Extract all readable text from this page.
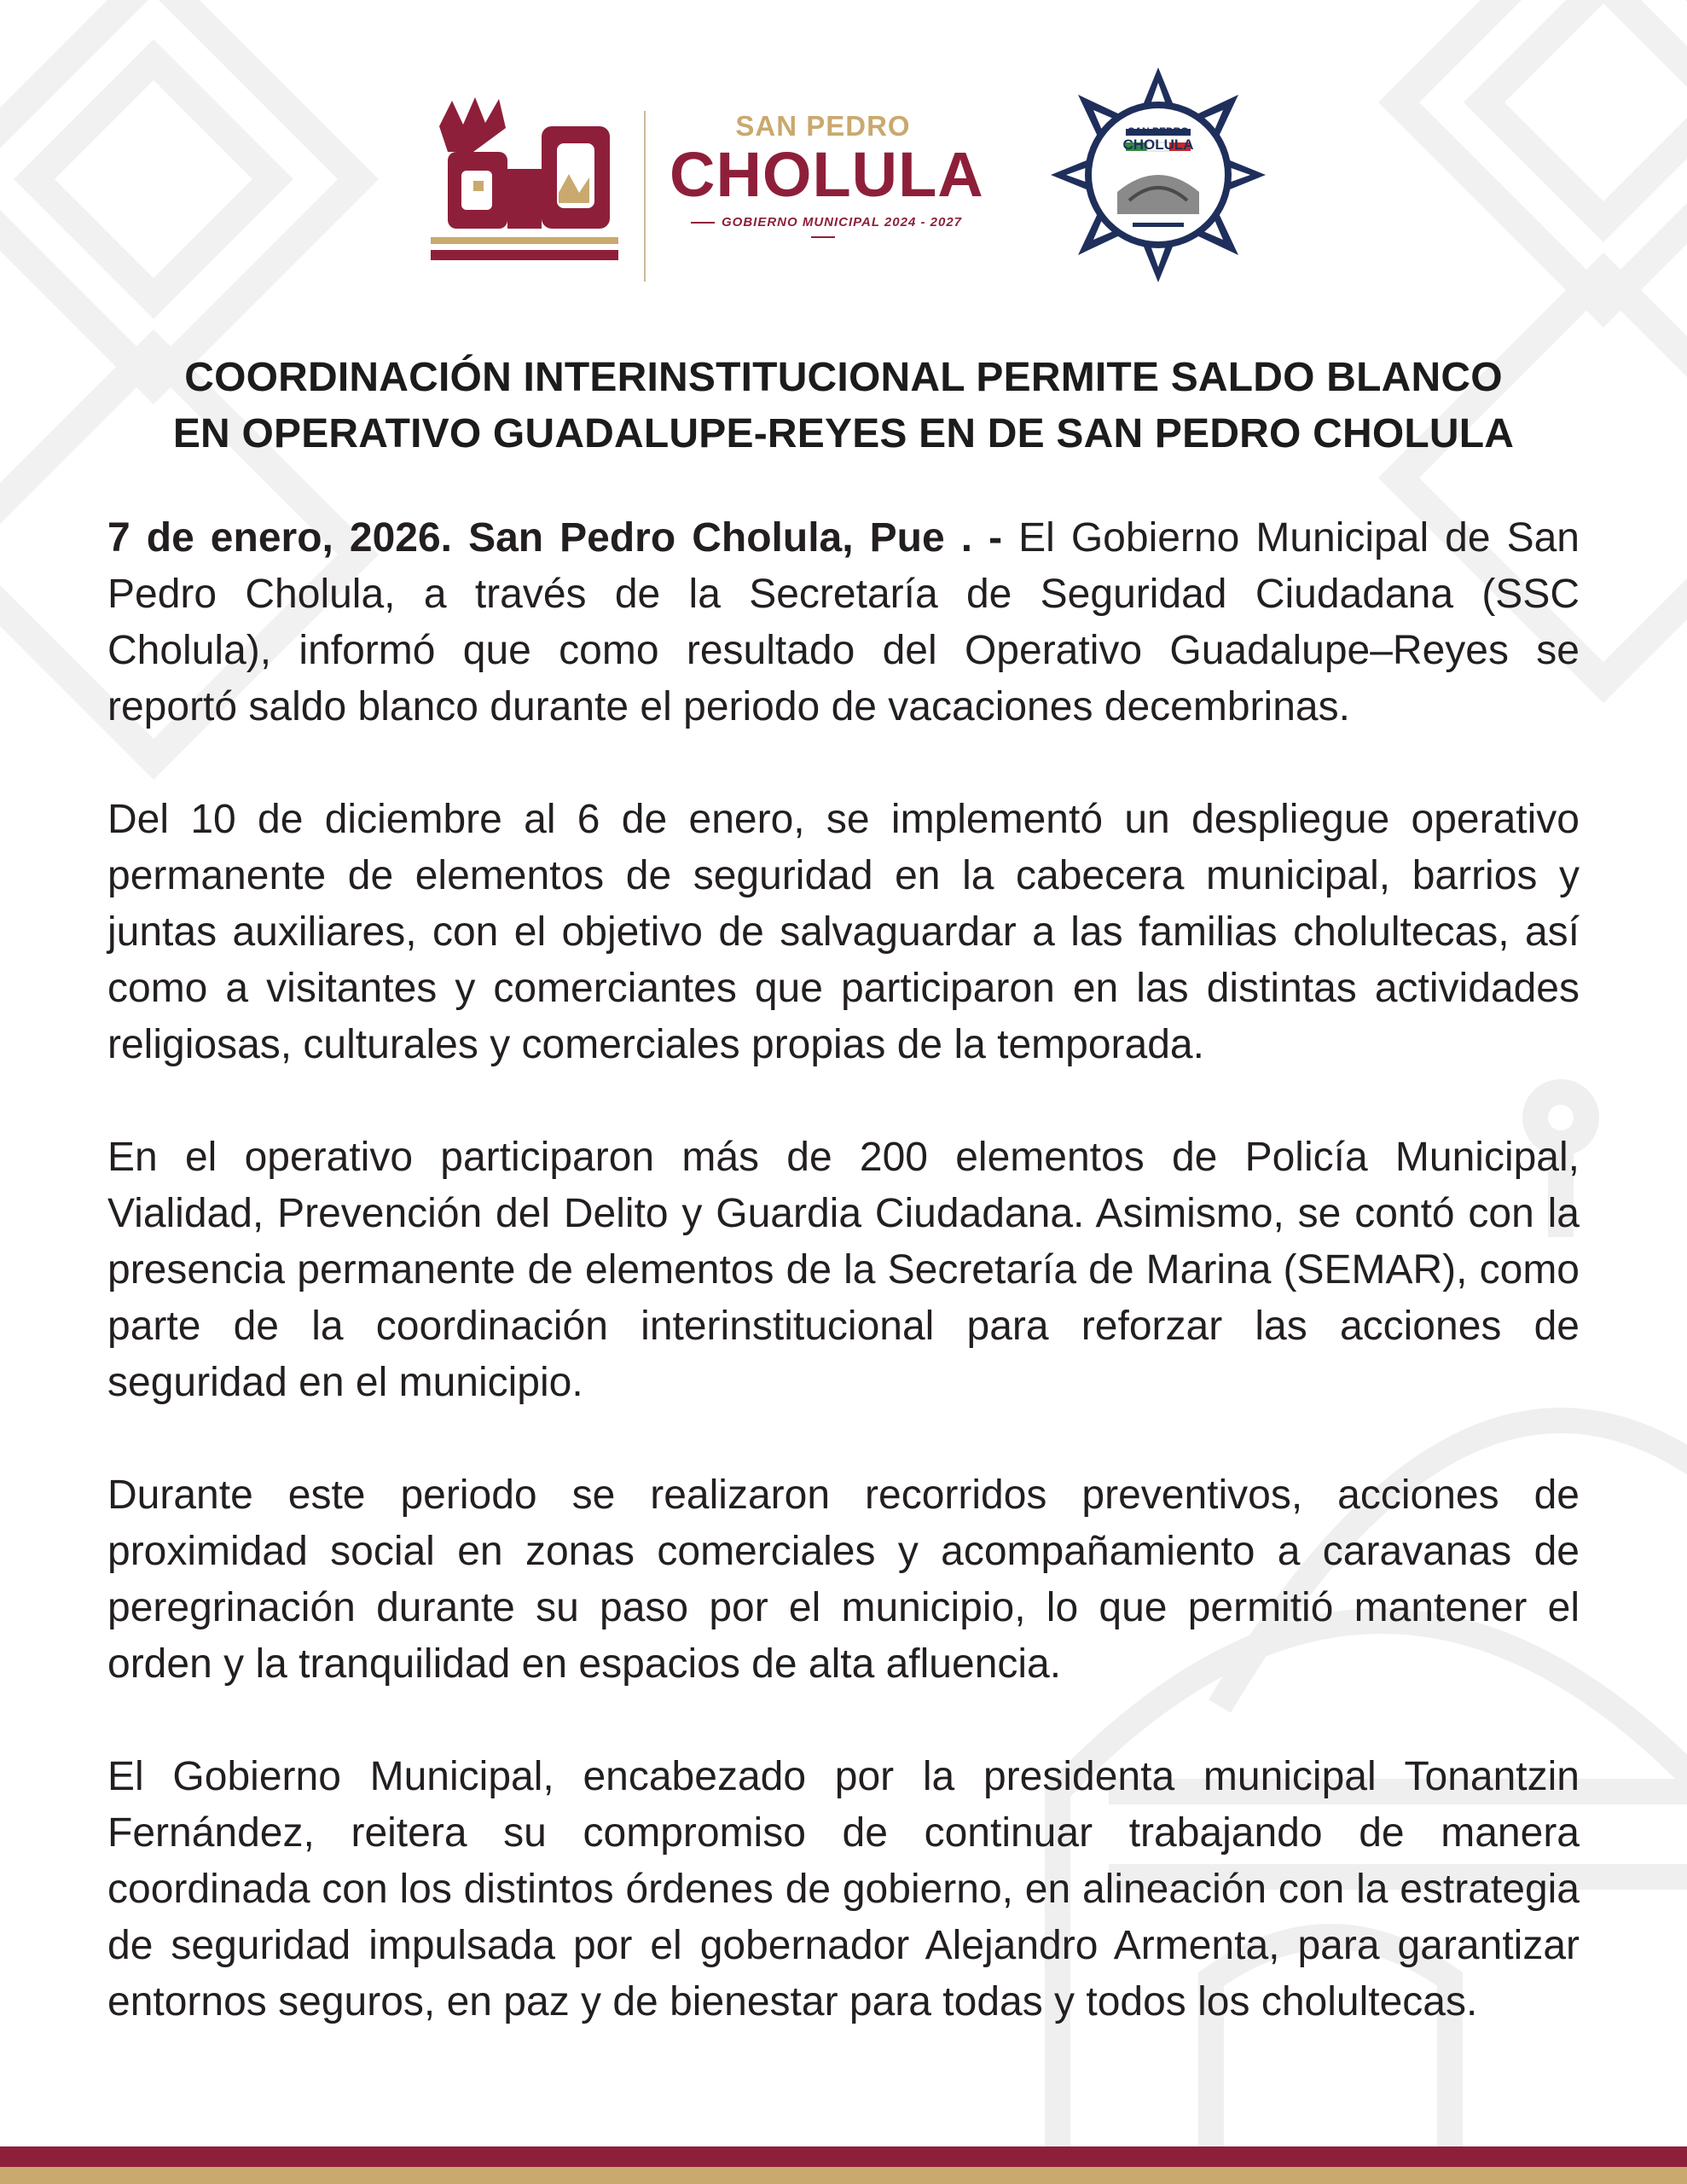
SAN PEDRO
CHOLULA
GOBIERNO MUNICIPAL 2024 - 2027
SAN PEDRO
CHOLULA
COORDINACIÓN INTERINSTITUCIONAL PERMITE SALDO BLANCO
EN OPERATIVO GUADALUPE-REYES EN DE SAN PEDRO CHOLULA

7 de enero, 2026. San Pedro Cholula, Pue . - El Gobierno Municipal de San Pedro Cholula, a través de la Secretaría de Seguridad Ciudadana (SSC Cholula), informó que como resultado del Operativo Guadalupe–Reyes se reportó saldo blanco durante el periodo de vacaciones decembrinas.

Del 10 de diciembre al 6 de enero, se implementó un despliegue operativo permanente de elementos de seguridad en la cabecera municipal, barrios y juntas auxiliares, con el objetivo de salvaguardar a las familias cholultecas, así como a visitantes y comerciantes que participaron en las distintas actividades religiosas, culturales y comerciales propias de la temporada.

En el operativo participaron más de 200 elementos de Policía Municipal, Vialidad, Prevención del Delito y Guardia Ciudadana. Asimismo, se contó con la presencia permanente de elementos de la Secretaría de Marina (SEMAR), como parte de la coordinación interinstitucional para reforzar las acciones de seguridad en el municipio.

Durante este periodo se realizaron recorridos preventivos, acciones de proximidad social en zonas comerciales y acompañamiento a caravanas de peregrinación durante su paso por el municipio, lo que permitió mantener el orden y la tranquilidad en espacios de alta afluencia.

El Gobierno Municipal, encabezado por la presidenta municipal Tonantzin Fernández, reitera su compromiso de continuar trabajando de manera coordinada con los distintos órdenes de gobierno, en alineación con la estrategia de seguridad impulsada por el gobernador Alejandro Armenta, para garantizar entornos seguros, en paz y de bienestar para todas y todos los cholultecas.
